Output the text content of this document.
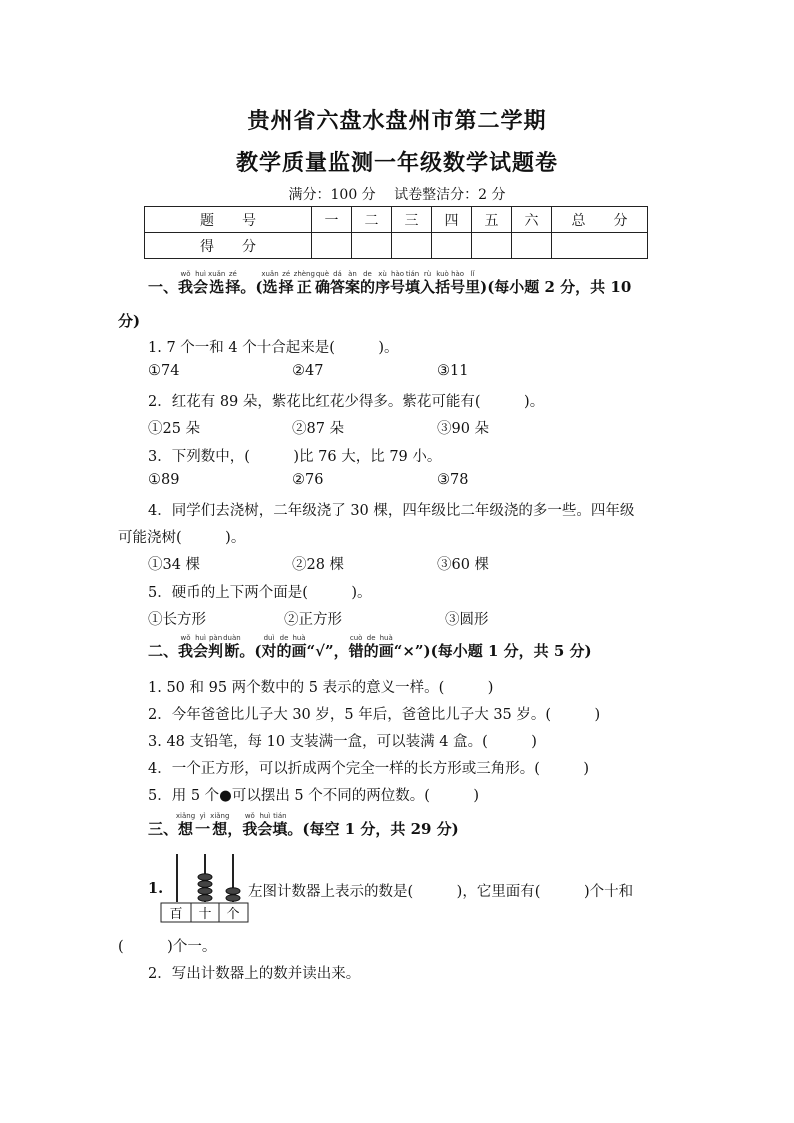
贵州省六盘水盘州市第二学期
教学质量监测一年级数学试题卷
满分：100 分　 试卷整洁分：2 分
题　　号	一	二	三	四	五	六	总　　分
得　　分							
一、我wǒ会huì选xuǎn择zé。(选xuǎn择zé正zhèng确què答dá案àn的de序xù号hào填tián入rù括kuò号hào里lǐ)(每小题 2 分，共 10
分)
1. 7 个一和 4 个十合起来是(　　　)。
①74	②47	③11
2．红花有 89 朵，紫花比红花少得多。紫花可能有(　　　)。
①25 朵	②87 朵	③90 朵
3．下列数中，(　　　)比 76 大，比 79 小。
①89	②76	③78
4．同学们去浇树，二年级浇了 30 棵，四年级比二年级浇的多一些。四年级
可能浇树(　　　)。
①34 棵	②28 棵	③60 棵
5．硬币的上下两个面是(　　　)。
①长方形	②正方形	③圆形
二、我wǒ会huì判pàn断duàn。(对duì的de画huà“√”，错cuò的de画huà“×”)(每小题 1 分，共 5 分)
1. 50 和 95 两个数中的 5 表示的意义一样。(　　　)
2．今年爸爸比儿子大 30 岁，5 年后，爸爸比儿子大 35 岁。(　　　)
3. 48 支铅笔，每 10 支装满一盒，可以装满 4 盒。(　　　)
4．一个正方形，可以折成两个完全一样的长方形或三角形。(　　　)
5．用 5 个●可以摆出 5 个不同的两位数。(　　　)
三、想xiǎng一yì想xiǎng，我wǒ会huì填tián。(每空 1 分，共 29 分)
1.
百 十 个
左图计数器上表示的数是(　　　)，它里面有(　　　)个十和
(　　　)个一。
2．写出计数器上的数并读出来。
